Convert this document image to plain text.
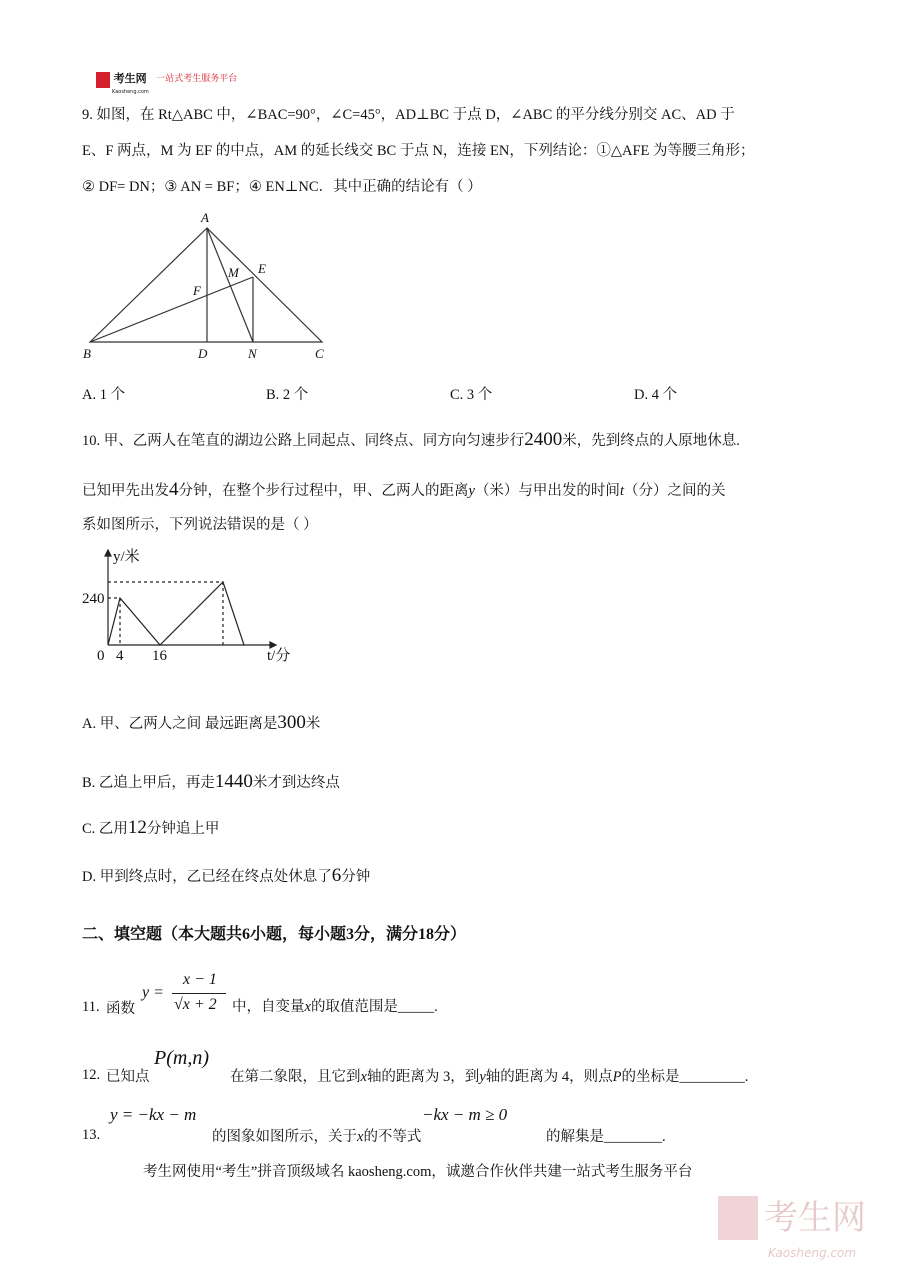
$^{考生网}$
Kaosheng.com
$^{一站式考生服务平台}$
9. 如图，在 Rt△ABC 中，∠BAC=90°，∠C=45°，AD⊥BC 于点 D，∠ABC 的平分线分别交 AC、AD 于
E、F 两点，M 为 EF 的中点，AM 的延长线交 BC 于点 N，连接 EN，下列结论：①△AFE 为等腰三角形；
② DF= DN；③ AN = BF；④ EN⊥NC．其中正确的结论有（ ）
A
E
M
F
B	D	N	C
A. 1 个	B. 2 个	C. 3 个	D. 4 个
10. 甲、乙两人在笔直的湖边公路上同起点、同终点、同方向匀速步行2400米，先到终点的人原地休息.
已知甲先出发4分钟，在整个步行过程中，甲、乙两人的距离y（米）与甲出发的时间t（分）之间的关
系如图所示，下列说法错误的是（ ）
y/米
240
0 4 16	t/分
A. 甲、乙两人之间 最远距离是300米
B. 乙追上甲后，再走1440米才到达终点
C. 乙用12分钟追上甲
D. 甲到终点时，乙已经在终点处休息了6分钟
二、填空题（本大题共6小题，每小题3分，满分18分）
11. 函数
y =
x − 1
√x + 2 中，自变量x的取值范围是_____.
12. 已知点
P(m,n)
在第二象限，且它到x轴的距离为 3，到y轴的距离为 4，则点P的坐标是_________.
13.
y = −kx − m
的图象如图所示，关于x的不等式
−kx − m ≥ 0
的解集是________.
考生网使用“考生”拼音顶级域名 kaosheng.com，诚邀合作伙伴共建一站式考生服务平台
考生网
Kaosheng.com
